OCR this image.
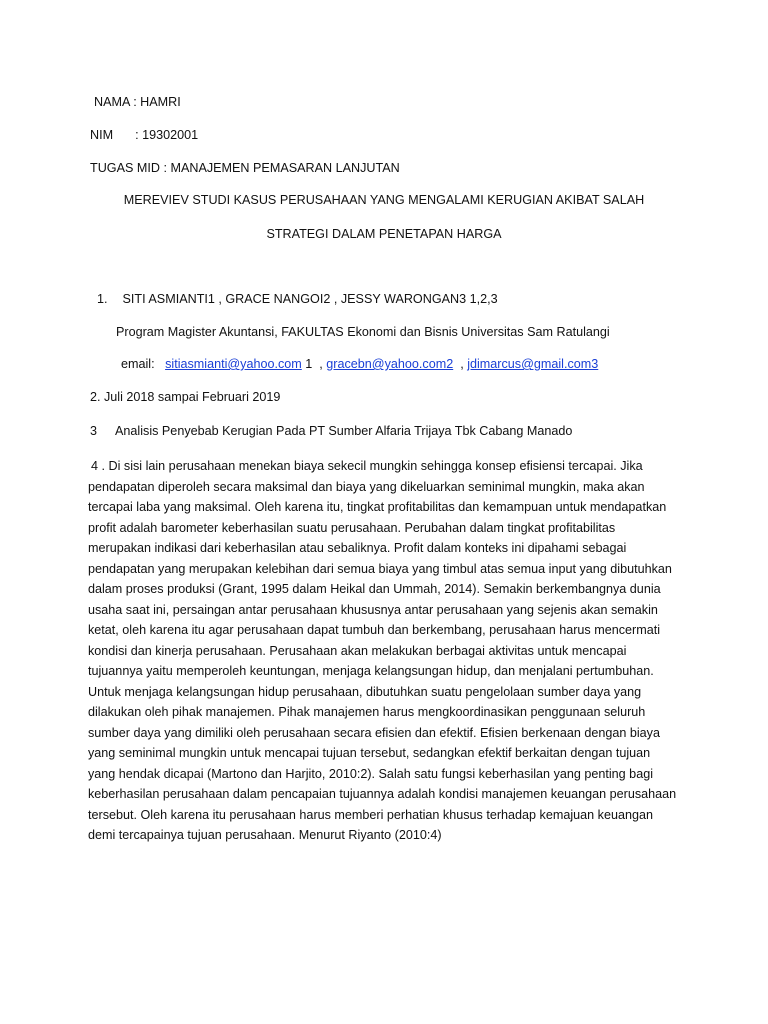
NAMA : HAMRI
NIM : 19302001
TUGAS MID : MANAJEMEN PEMASARAN LANJUTAN
MEREVIEV STUDI KASUS PERUSAHAAN YANG MENGALAMI KERUGIAN AKIBAT SALAH
STRATEGI DALAM PENETAPAN HARGA
1. SITI ASMIANTI1 , GRACE NANGOI2 , JESSY WARONGAN3 1,2,3
Program Magister Akuntansi, FAKULTAS Ekonomi dan Bisnis Universitas Sam Ratulangi
email: sitiasmianti@yahoo.com 1 , gracebn@yahoo.com2 , jdimarcus@gmail.com3
2. Juli 2018 sampai Februari 2019
3 Analisis Penyebab Kerugian Pada PT Sumber Alfaria Trijaya Tbk Cabang Manado
4 . Di sisi lain perusahaan menekan biaya sekecil mungkin sehingga konsep efisiensi tercapai. Jika
pendapatan diperoleh secara maksimal dan biaya yang dikeluarkan seminimal mungkin, maka akan
tercapai laba yang maksimal. Oleh karena itu, tingkat profitabilitas dan kemampuan untuk mendapatkan
profit adalah barometer keberhasilan suatu perusahaan. Perubahan dalam tingkat profitabilitas
merupakan indikasi dari keberhasilan atau sebaliknya. Profit dalam konteks ini dipahami sebagai
pendapatan yang merupakan kelebihan dari semua biaya yang timbul atas semua input yang dibutuhkan
dalam proses produksi (Grant, 1995 dalam Heikal dan Ummah, 2014). Semakin berkembangnya dunia
usaha saat ini, persaingan antar perusahaan khususnya antar perusahaan yang sejenis akan semakin
ketat, oleh karena itu agar perusahaan dapat tumbuh dan berkembang, perusahaan harus mencermati
kondisi dan kinerja perusahaan. Perusahaan akan melakukan berbagai aktivitas untuk mencapai
tujuannya yaitu memperoleh keuntungan, menjaga kelangsungan hidup, dan menjalani pertumbuhan.
Untuk menjaga kelangsungan hidup perusahaan, dibutuhkan suatu pengelolaan sumber daya yang
dilakukan oleh pihak manajemen. Pihak manajemen harus mengkoordinasikan penggunaan seluruh
sumber daya yang dimiliki oleh perusahaan secara efisien dan efektif. Efisien berkenaan dengan biaya
yang seminimal mungkin untuk mencapai tujuan tersebut, sedangkan efektif berkaitan dengan tujuan
yang hendak dicapai (Martono dan Harjito, 2010:2). Salah satu fungsi keberhasilan yang penting bagi
keberhasilan perusahaan dalam pencapaian tujuannya adalah kondisi manajemen keuangan perusahaan
tersebut. Oleh karena itu perusahaan harus memberi perhatian khusus terhadap kemajuan keuangan
demi tercapainya tujuan perusahaan. Menurut Riyanto (2010:4)
